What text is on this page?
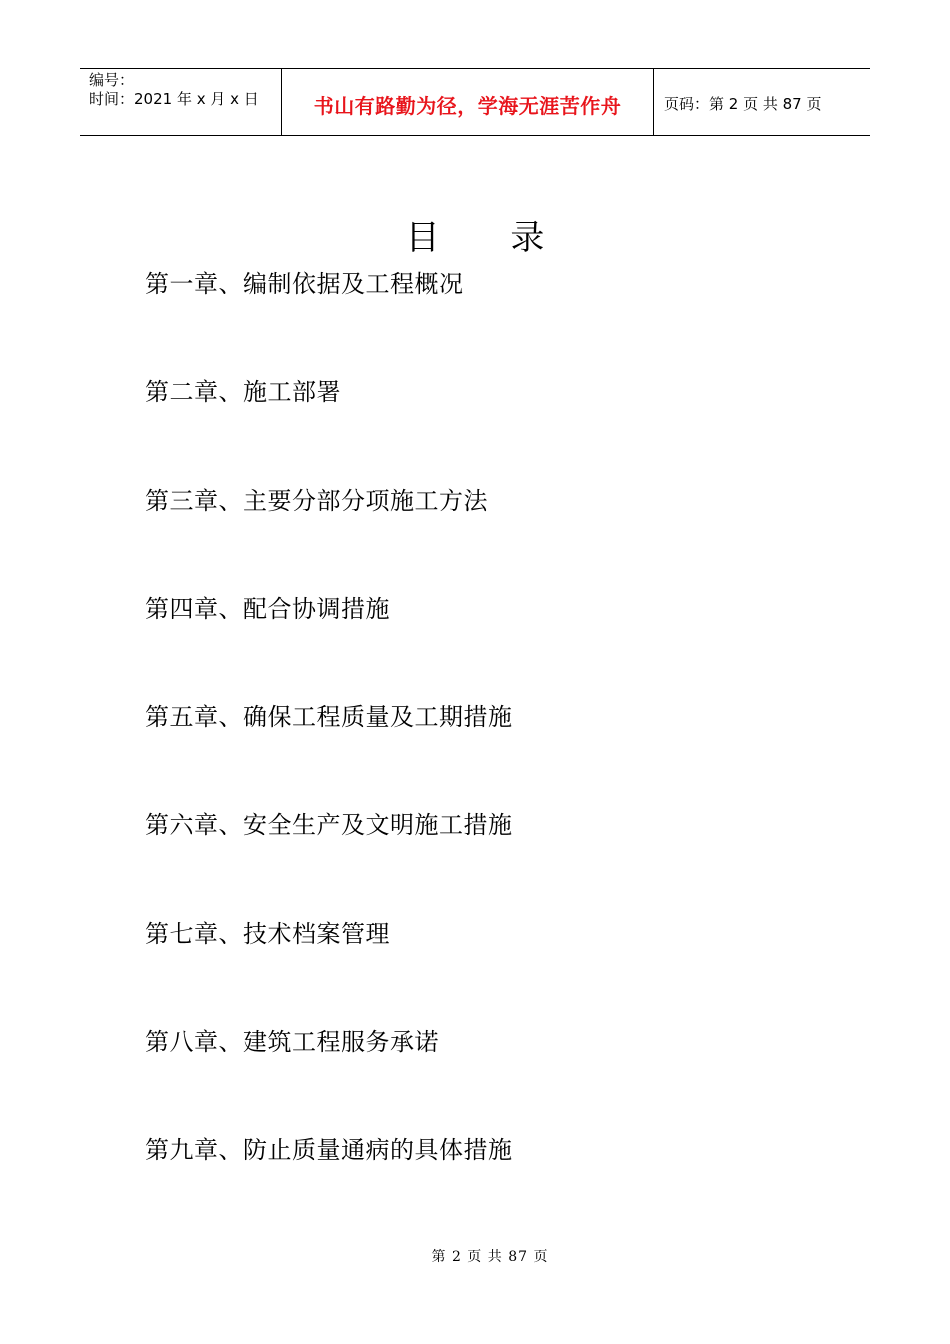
编号：
时间：2021 年 x 月 x 日	书山有路勤为径，学海无涯苦作舟	页码：第 2 页 共 87 页
目 录
第一章、编制依据及工程概况
第二章、施工部署
第三章、主要分部分项施工方法
第四章、配合协调措施
第五章、确保工程质量及工期措施
第六章、安全生产及文明施工措施
第七章、技术档案管理
第八章、建筑工程服务承诺
第九章、防止质量通病的具体措施
第 2 页 共 87 页
